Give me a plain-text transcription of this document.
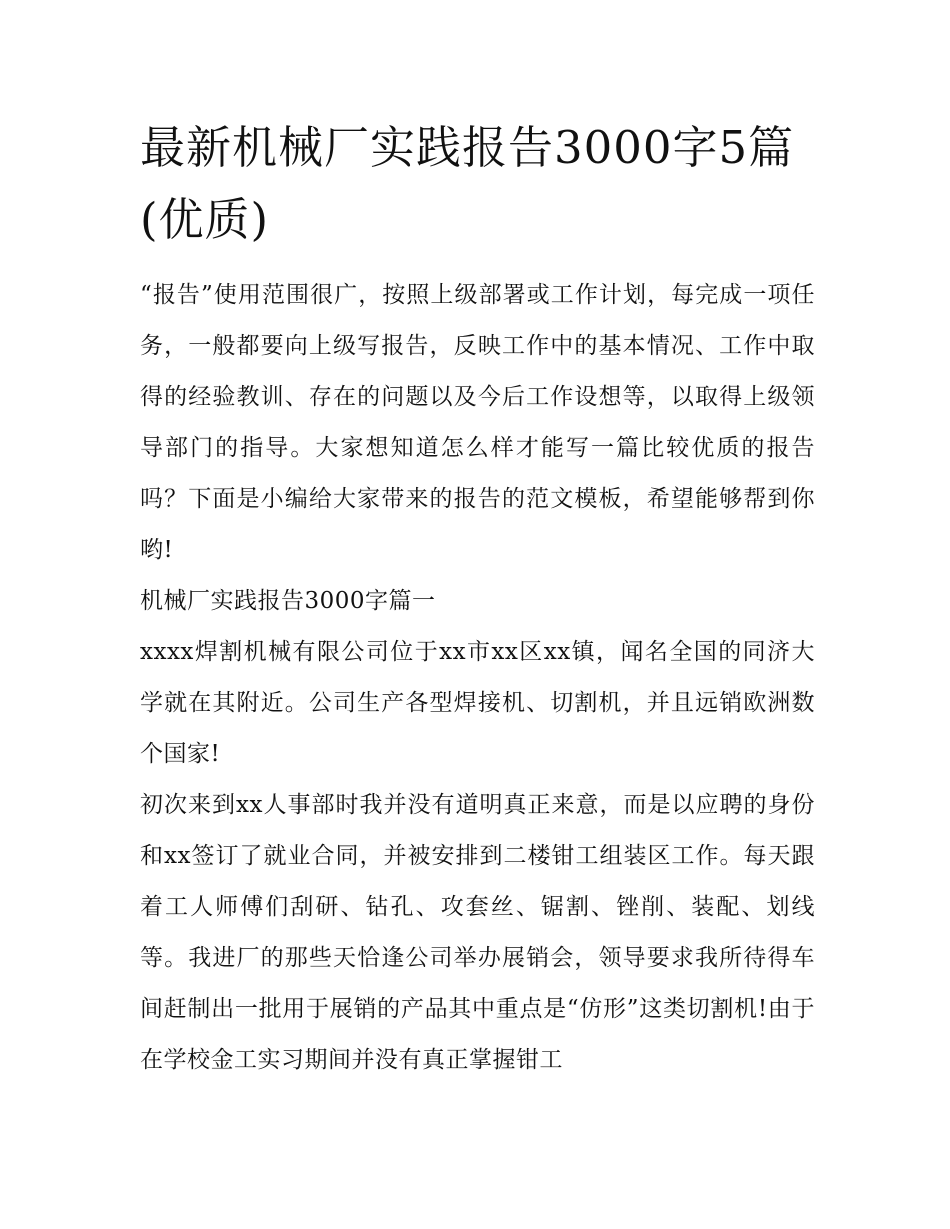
最新机械厂实践报告3000字5篇(优质)

“报告”使用范围很广，按照上级部署或工作计划，每完成一项任务，一般都要向上级写报告，反映工作中的基本情况、工作中取得的经验教训、存在的问题以及今后工作设想等，以取得上级领导部门的指导。大家想知道怎么样才能写一篇比较优质的报告吗？下面是小编给大家带来的报告的范文模板，希望能够帮到你哟!

机械厂实践报告3000字篇一

xxxx焊割机械有限公司位于xx市xx区xx镇，闻名全国的同济大学就在其附近。公司生产各型焊接机、切割机，并且远销欧洲数个国家!

初次来到xx人事部时我并没有道明真正来意，而是以应聘的身份和xx签订了就业合同，并被安排到二楼钳工组装区工作。每天跟着工人师傅们刮研、钻孔、攻套丝、锯割、锉削、装配、划线等。我进厂的那些天恰逢公司举办展销会，领导要求我所待得车间赶制出一批用于展销的产品其中重点是“仿形”这类切割机!由于在学校金工实习期间并没有真正掌握钳工
